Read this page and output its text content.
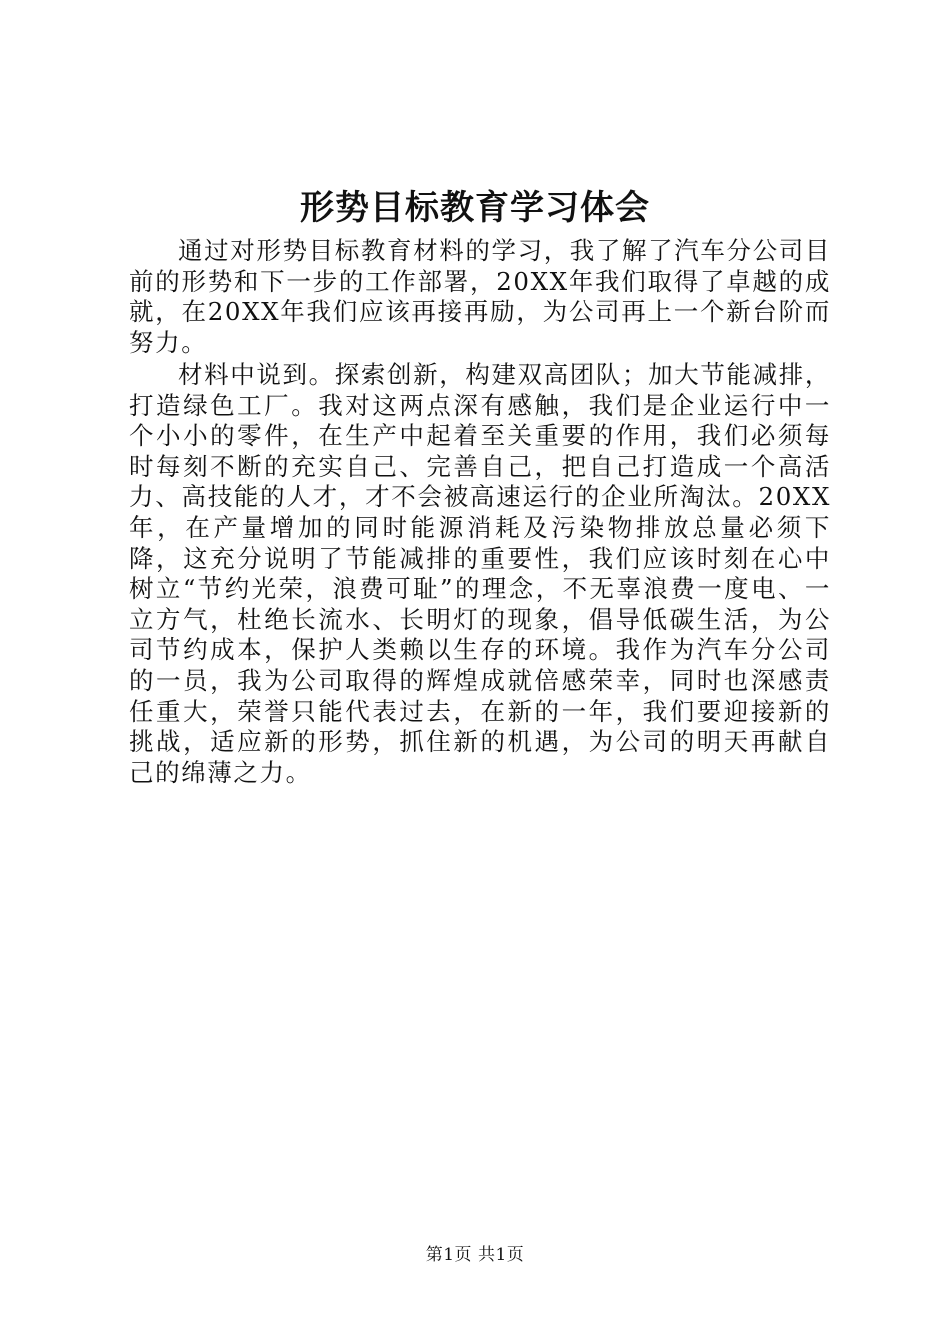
形势目标教育学习体会

通过对形势目标教育材料的学习，我了解了汽车分公司目前的形势和下一步的工作部署，20XX年我们取得了卓越的成就，在20XX年我们应该再接再励，为公司再上一个新台阶而努力。

材料中说到。探索创新，构建双高团队；加大节能减排，打造绿色工厂。我对这两点深有感触，我们是企业运行中一个小小的零件，在生产中起着至关重要的作用，我们必须每时每刻不断的充实自己、完善自己，把自己打造成一个高活力、高技能的人才，才不会被高速运行的企业所淘汰。20XX年，在产量增加的同时能源消耗及污染物排放总量必须下降，这充分说明了节能减排的重要性，我们应该时刻在心中树立“节约光荣，浪费可耻”的理念，不无辜浪费一度电、一立方气，杜绝长流水、长明灯的现象，倡导低碳生活，为公司节约成本，保护人类赖以生存的环境。我作为汽车分公司的一员，我为公司取得的辉煌成就倍感荣幸，同时也深感责任重大，荣誉只能代表过去，在新的一年，我们要迎接新的挑战，适应新的形势，抓住新的机遇，为公司的明天再献自己的绵薄之力。

第1页 共1页
